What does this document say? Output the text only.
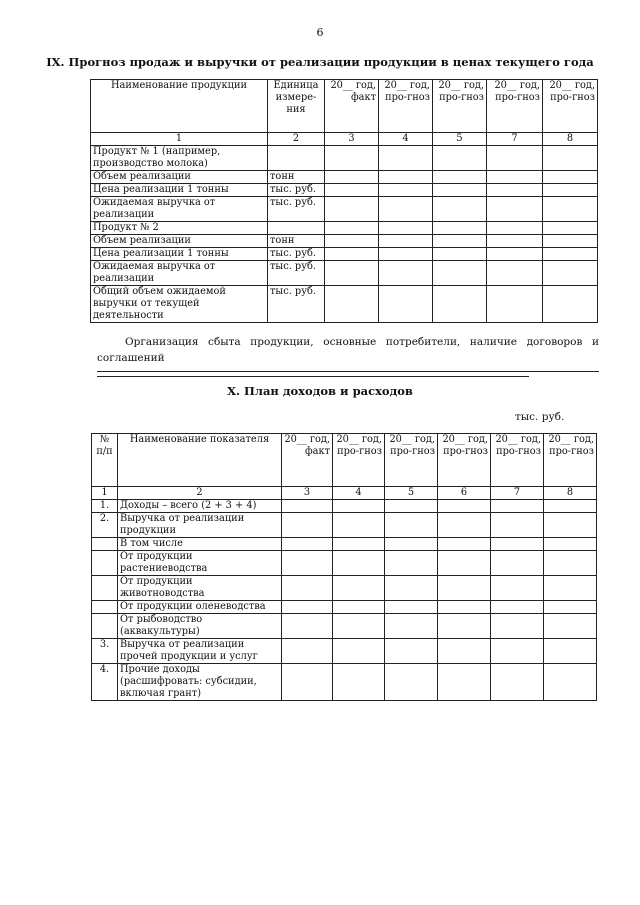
6
IX. Прогноз продаж и выручки от реализации продукции в ценах текущего года
Наименование продукции	Единица измере-ния	20__ год, факт	20__ год, про-гноз	20__ год, про-гноз	20__ год, про-гноз	20__ год, про-гноз
1	2	3	4	5	7	8
Продукт № 1 (например, производство молока)						
Объем реализации	тонн					
Цена реализации 1 тонны	тыс. руб.					
Ожидаемая выручка от реализации	тыс. руб.					
Продукт № 2						
Объем реализации	тонн					
Цена реализации 1 тонны	тыс. руб.					
Ожидаемая выручка от реализации	тыс. руб.					
Общий объем ожидаемой выручки от текущей деятельности	тыс. руб.					
Организация сбыта продукции, основные потребители, наличие договоров и
соглашений
X. План доходов и расходов
тыс. руб.
№ п/п	Наименование показателя	20__ год, факт	20__ год, про-гноз	20__ год, про-гноз	20__ год, про-гноз	20__ год, про-гноз	20__ год, про-гноз
1	2	3	4	5	6	7	8
1.	Доходы – всего (2 + 3 + 4)						
2.	Выручка от реализации продукции						
	В том числе						
	От продукции растениеводства						
	От продукции животноводства						
	От продукции оленеводства						
	От рыбоводство (аквакультуры)						
3.	Выручка от реализации прочей продукции и услуг						
4.	Прочие доходы (расшифровать: субсидии, включая грант)						
